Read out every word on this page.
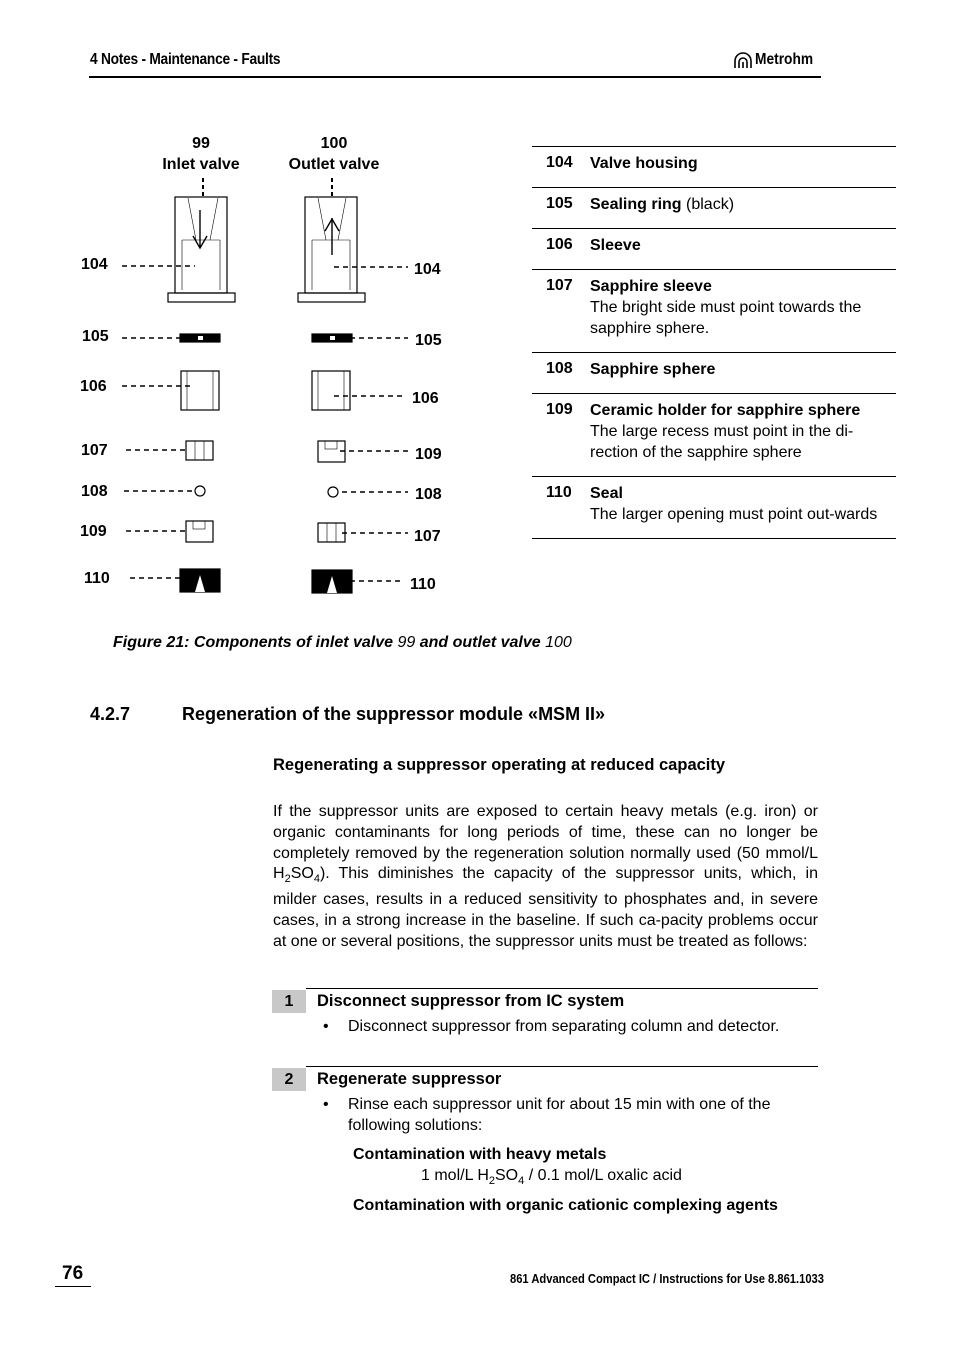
4 Notes - Maintenance - Faults	Metrohm
99
Inlet valve
100
Outlet valve
104
105
106
107
108
109
110
104
105
106
109
108
107
110
104	Valve housing
105	Sealing ring (black)
106	Sleeve
107	Sapphire sleeve
The bright side must point towards the sapphire sphere.

108	Sapphire sphere
109	Ceramic holder for sapphire sphere
The large recess must point in the di-rection of the sapphire sphere

110	Seal
The larger opening must point out-wards
Figure 21: Components of inlet valve 99 and outlet valve 100
4.2.7	Regeneration of the suppressor module «MSM II»
Regenerating a suppressor operating at reduced capacity
If the suppressor units are exposed to certain heavy metals (e.g. iron) or organic contaminants for long periods of time, these can no longer be completely removed by the regeneration solution normally used (50 mmol/L $H_2SO_4$). This diminishes the capacity of the suppressor units, which, in milder cases, results in a reduced sensitivity to phosphates and, in severe cases, in a strong increase in the baseline. If such ca-pacity problems occur at one or several positions, the suppressor units must be treated as follows:
1	Disconnect suppressor from IC system
• Disconnect suppressor from separating column and detector.
2	Regenerate suppressor
• Rinse each suppressor unit for about 15 min with one of the following solutions:
Contamination with heavy metals
1 mol/L $H_2SO_4 / 0.1$ mol/L oxalic acid
Contamination with organic cationic complexing agents
76	861 Advanced Compact IC / Instructions for Use 8.861.1033
